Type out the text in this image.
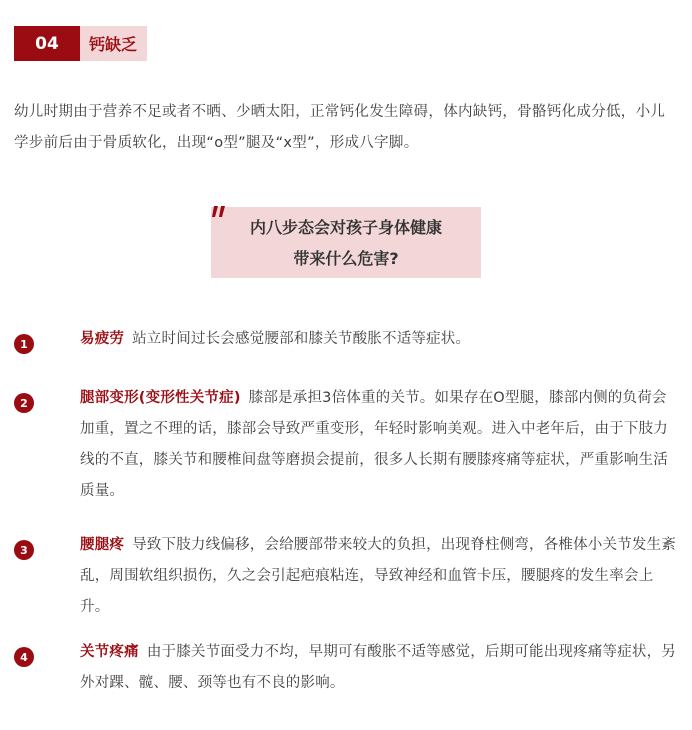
04	钙缺乏

幼儿时期由于营养不足或者不晒、少晒太阳，正常钙化发生障碍，体内缺钙，骨骼钙化成分低，小儿学步前后由于骨质软化，出现“o型”腿及“x型”，形成八字脚。

内八步态会对孩子身体健康
带来什么危害?
1	易疲劳 站立时间过长会感觉腰部和膝关节酸胀不适等症状。

2	腿部变形(变形性关节症) 膝部是承担3倍体重的关节。如果存在O型腿，膝部内侧的负荷会加重，置之不理的话，膝部会导致严重变形，年轻时影响美观。进入中老年后，由于下肢力线的不直，膝关节和腰椎间盘等磨损会提前，很多人长期有腰膝疼痛等症状，严重影响生活质量。

3	腰腿疼 导致下肢力线偏移，会给腰部带来较大的负担，出现脊柱侧弯，各椎体小关节发生紊乱，周围软组织损伤，久之会引起疤痕粘连，导致神经和血管卡压，腰腿疼的发生率会上升。

4	关节疼痛 由于膝关节面受力不均，早期可有酸胀不适等感觉，后期可能出现疼痛等症状，另外对踝、髋、腰、颈等也有不良的影响。
